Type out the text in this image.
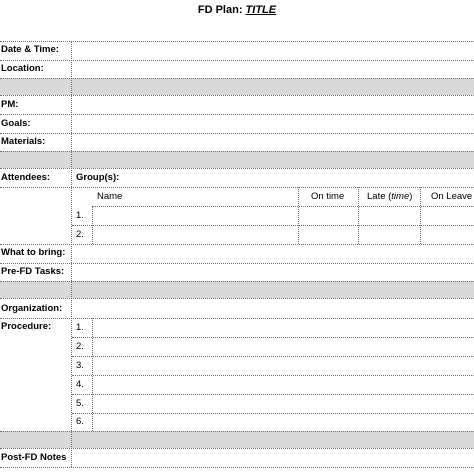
FD Plan: TITLE
Date & Time:
Location:
PM:
Goals:
Materials:
Attendees:
What to bring:
Pre-FD Tasks:
Organization:
Procedure:
Post-FD Notes
Group(s):
Name	On time Late (time) On Leave
1.
2.
1.
2.
3.
4.
5.
6.
